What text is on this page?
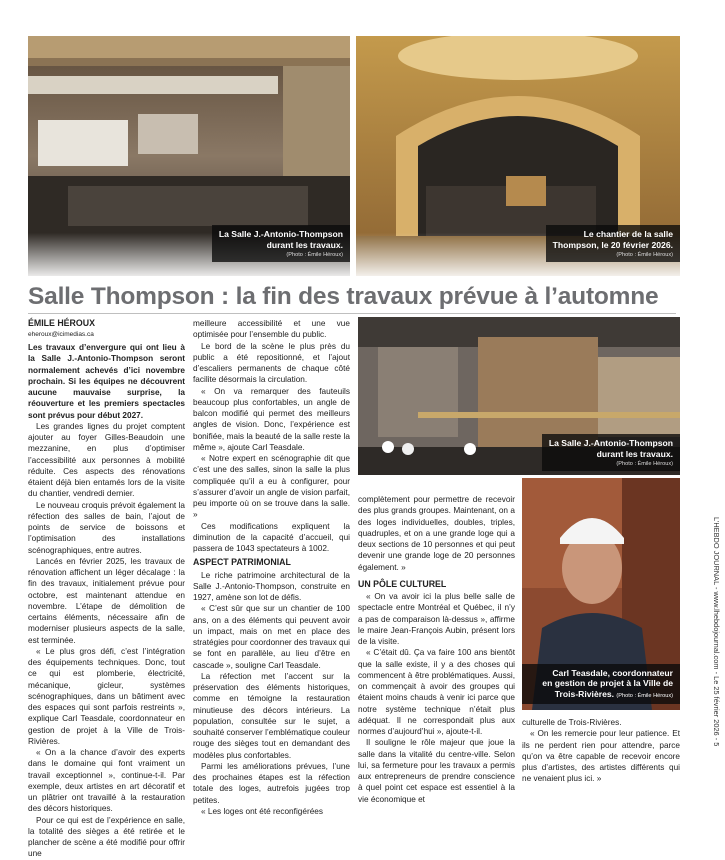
La Salle J.-Antonio-Thompson
durant les travaux.
(Photo : Émile Héroux)
Le chantier de la salle
Thompson, le 20 février 2026.
(Photo : Émile Héroux)
Salle Thompson : la fin des travaux prévue à l’automne
ÉMILE HÉROUX
eheroux@icimedias.ca

Les travaux d’envergure qui ont lieu à la Salle J.-Antonio-Thompson seront normalement achevés d’ici novembre prochain. Si les équipes ne découvrent aucune mauvaise surprise, la réouverture et les premiers spectacles sont prévus pour début 2027.

Les grandes lignes du projet comptent ajouter au foyer Gilles-Beaudoin une mezzanine, en plus d’optimiser l’accessibilité aux personnes à mobilité réduite. Ces aspects des rénovations étaient déjà bien entamés lors de la visite du chantier, vendredi dernier.

Le nouveau croquis prévoit également la réfection des salles de bain, l’ajout de points de service de boissons et l’optimisation des installations scénographiques, entre autres.

Lancés en février 2025, les travaux de rénovation affichent un léger décalage : la fin des travaux, initialement prévue pour octobre, est maintenant attendue en novembre. L’étape de démolition de certains éléments, nécessaire afin de moderniser plusieurs aspects de la salle, est terminée.

« Le plus gros défi, c’est l’intégration des équipements techniques. Donc, tout ce qui est plomberie, électricité, mécanique, gicleur, systèmes scénographiques, dans un bâtiment avec des espaces qui sont parfois restreints », explique Carl Teasdale, coordonnateur en gestion de projet à la Ville de Trois-Rivières.

« On a la chance d’avoir des experts dans le domaine qui font vraiment un travail exceptionnel », continue-t-il. Par exemple, deux artistes en art décoratif et un plâtrier ont travaillé à la restauration des décors historiques.

Pour ce qui est de l’expérience en salle, la totalité des sièges a été retirée et le plancher de scène a été modifié pour offrir une

meilleure accessibilité et une vue optimisée pour l’ensemble du public.

Le bord de la scène le plus près du public a été repositionné, et l’ajout d’escaliers permanents de chaque côté facilite désormais la circulation.

« On va remarquer des fauteuils beaucoup plus confortables, un angle de balcon modifié qui permet des meilleurs angles de vision. Donc, l’expérience est bonifiée, mais la beauté de la salle reste la même », ajoute Carl Teasdale.

« Notre expert en scénographie dit que c’est une des salles, sinon la salle la plus compliquée qu’il a eu à configurer, pour s’assurer d’avoir un angle de vision parfait, peu importe où on se trouve dans la salle. »

Ces modifications expliquent la diminution de la capacité d’accueil, qui passera de 1043 spectateurs à 1002.

ASPECT PATRIMONIAL

Le riche patrimoine architectural de la Salle J.-Antonio-Thompson, construite en 1927, amène son lot de défis.

« C’est sûr que sur un chantier de 100 ans, on a des éléments qui peuvent avoir un impact, mais on met en place des stratégies pour coordonner des travaux qui se font en parallèle, au lieu d’être en cascade », souligne Carl Teasdale.

La réfection met l’accent sur la préservation des éléments historiques, comme en témoigne la restauration minutieuse des décors intérieurs. La population, consultée sur le sujet, a souhaité conserver l’emblématique couleur rouge des sièges tout en demandant des modèles plus confortables.

Parmi les améliorations prévues, l’une des prochaines étapes est la réfection totale des loges, autrefois jugées trop petites.

« Les loges ont été reconfigérées

La Salle J.-Antonio-Thompson
durant les travaux.
(Photo : Émile Héroux)

complètement pour permettre de recevoir des plus grands groupes. Maintenant, on a des loges individuelles, doubles, triples, quadruples, et on a une grande loge qui a deux sections de 10 personnes et qui peut devenir une grande loge de 20 personnes également. »

UN PÔLE CULTUREL

« On va avoir ici la plus belle salle de spectacle entre Montréal et Québec, il n’y a pas de comparaison là-dessus », affirme le maire Jean-François Aubin, présent lors de la visite.

« C’était dû. Ça va faire 100 ans bientôt que la salle existe, il y a des choses qui commencent à être problématiques. Aussi, on commençait à avoir des groupes qui étaient moins chauds à venir ici parce que notre système technique n’était plus adéquat. Il ne correspondait plus aux normes d’aujourd’hui », ajoute-t-il.

Il souligne le rôle majeur que joue la salle dans la vitalité du centre-ville. Selon lui, sa fermeture pour les travaux a permis aux entrepreneurs de prendre conscience à quel point cet espace est essentiel à la vie économique et

Carl Teasdale, coordonnateur
en gestion de projet à la Ville de
Trois-Rivières. (Photo : Émile Héroux)

culturelle de Trois-Rivières.

« On les remercie pour leur patience. Et ils ne perdent rien pour attendre, parce qu’on va être capable de recevoir encore plus d’artistes, des artistes différents qui ne venaient plus ici. »

L’HEBDO JOURNAL - www.lhebdojournal.com - Le 25 février 2026 - 5
